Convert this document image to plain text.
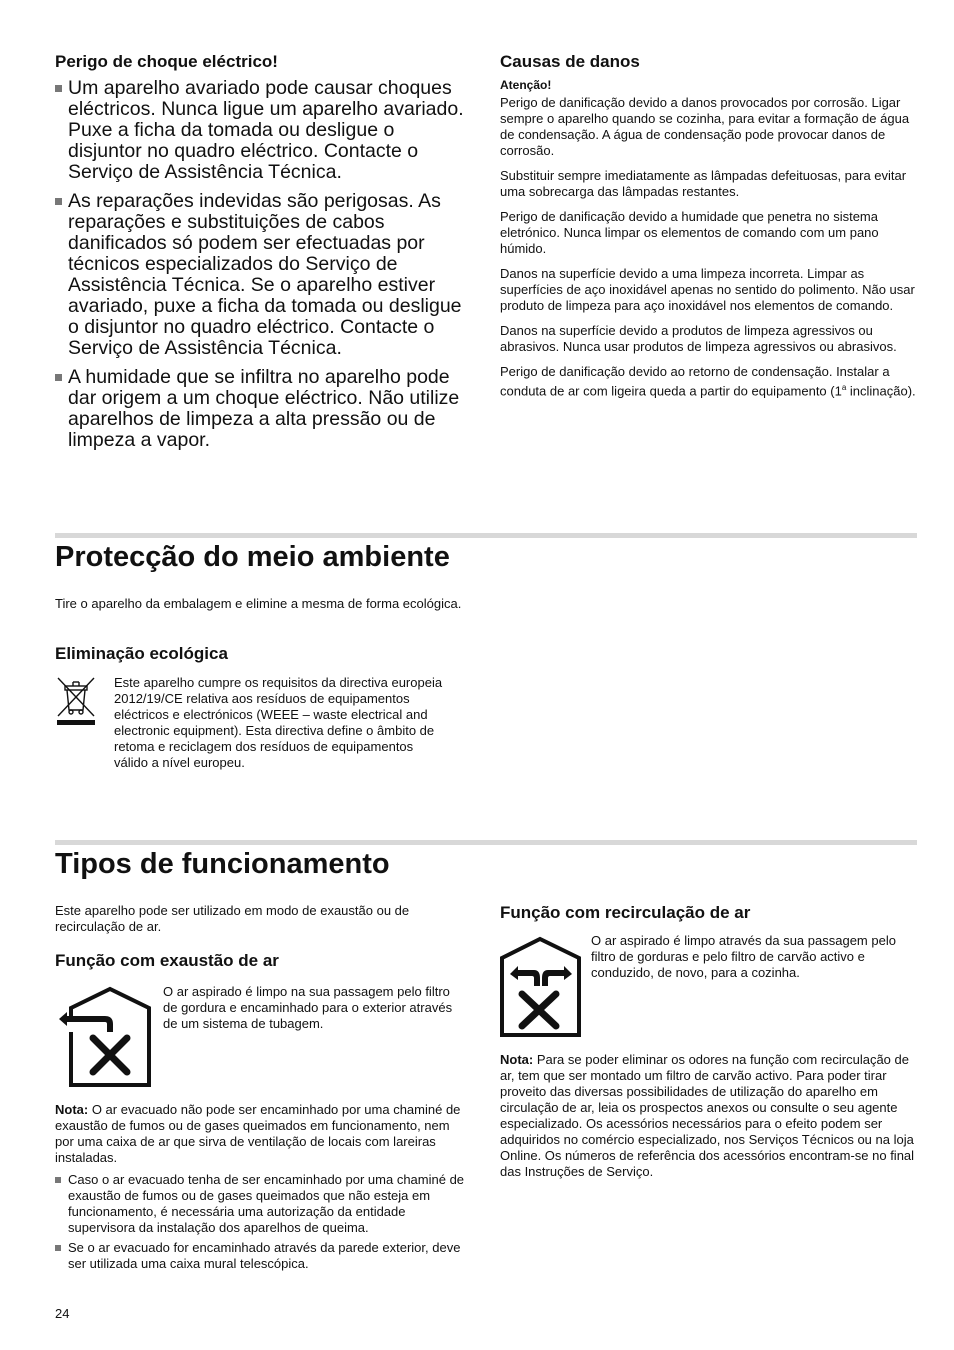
Perigo de choque eléctrico!
Um aparelho avariado pode causar choques eléctricos. Nunca ligue um aparelho avariado. Puxe a ficha da tomada ou desligue o disjuntor no quadro eléctrico. Contacte o Serviço de Assistência Técnica.
As reparações indevidas são perigosas. As reparações e substituições de cabos danificados só podem ser efectuadas por técnicos especializados do Serviço de Assistência Técnica. Se o aparelho estiver avariado, puxe a ficha da tomada ou desligue o disjuntor no quadro eléctrico. Contacte o Serviço de Assistência Técnica.
A humidade que se infiltra no aparelho pode dar origem a um choque eléctrico. Não utilize aparelhos de limpeza a alta pressão ou de limpeza a vapor.
Causas de danos

Atenção!

Perigo de danificação devido a danos provocados por corrosão. Ligar sempre o aparelho quando se cozinha, para evitar a formação de água de condensação. A água de condensação pode provocar danos de corrosão.

Substituir sempre imediatamente as lâmpadas defeituosas, para evitar uma sobrecarga das lâmpadas restantes.

Perigo de danificação devido a humidade que penetra no sistema eletrónico. Nunca limpar os elementos de comando com um pano húmido.

Danos na superfície devido a uma limpeza incorreta. Limpar as superfícies de aço inoxidável apenas no sentido do polimento. Não usar produto de limpeza para aço inoxidável nos elementos de comando.

Danos na superfície devido a produtos de limpeza agressivos ou abrasivos. Nunca usar produtos de limpeza agressivos ou abrasivos.

Perigo de danificação devido ao retorno de condensação. Instalar a conduta de ar com ligeira queda a partir do equipamento (1$^a$ inclinação).

Protecção do meio ambiente

Tire o aparelho da embalagem e elimine a mesma de forma ecológica.

Eliminação ecológica

Este aparelho cumpre os requisitos da directiva europeia 2012/19/CE relativa aos resíduos de equipamentos eléctricos e electrónicos (WEEE – waste electrical and electronic equipment). Esta directiva define o âmbito de retoma e reciclagem dos resíduos de equipamentos válido a nível europeu.

Tipos de funcionamento

Este aparelho pode ser utilizado em modo de exaustão ou de recirculação de ar.

Função com exaustão de ar

O ar aspirado é limpo na sua passagem pelo filtro de gordura e encaminhado para o exterior através de um sistema de tubagem.

Nota: O ar evacuado não pode ser encaminhado por uma chaminé de exaustão de fumos ou de gases queimados em funcionamento, nem por uma caixa de ar que sirva de ventilação de locais com lareiras instaladas.

Caso o ar evacuado tenha de ser encaminhado por uma chaminé de exaustão de fumos ou de gases queimados que não esteja em funcionamento, é necessária uma autorização da entidade supervisora da instalação dos aparelhos de queima.
Se o ar evacuado for encaminhado através da parede exterior, deve ser utilizada uma caixa mural telescópica.
Função com recirculação de ar

O ar aspirado é limpo através da sua passagem pelo filtro de gorduras e pelo filtro de carvão activo e conduzido, de novo, para a cozinha.

Nota: Para se poder eliminar os odores na função com recirculação de ar, tem que ser montado um filtro de carvão activo. Para poder tirar proveito das diversas possibilidades de utilização do aparelho em circulação de ar, leia os prospectos anexos ou consulte o seu agente especializado. Os acessórios necessários para o efeito podem ser adquiridos no comércio especializado, nos Serviços Técnicos ou na loja Online. Os números de referência dos acessórios encontram-se no final das Instruções de Serviço.

24
